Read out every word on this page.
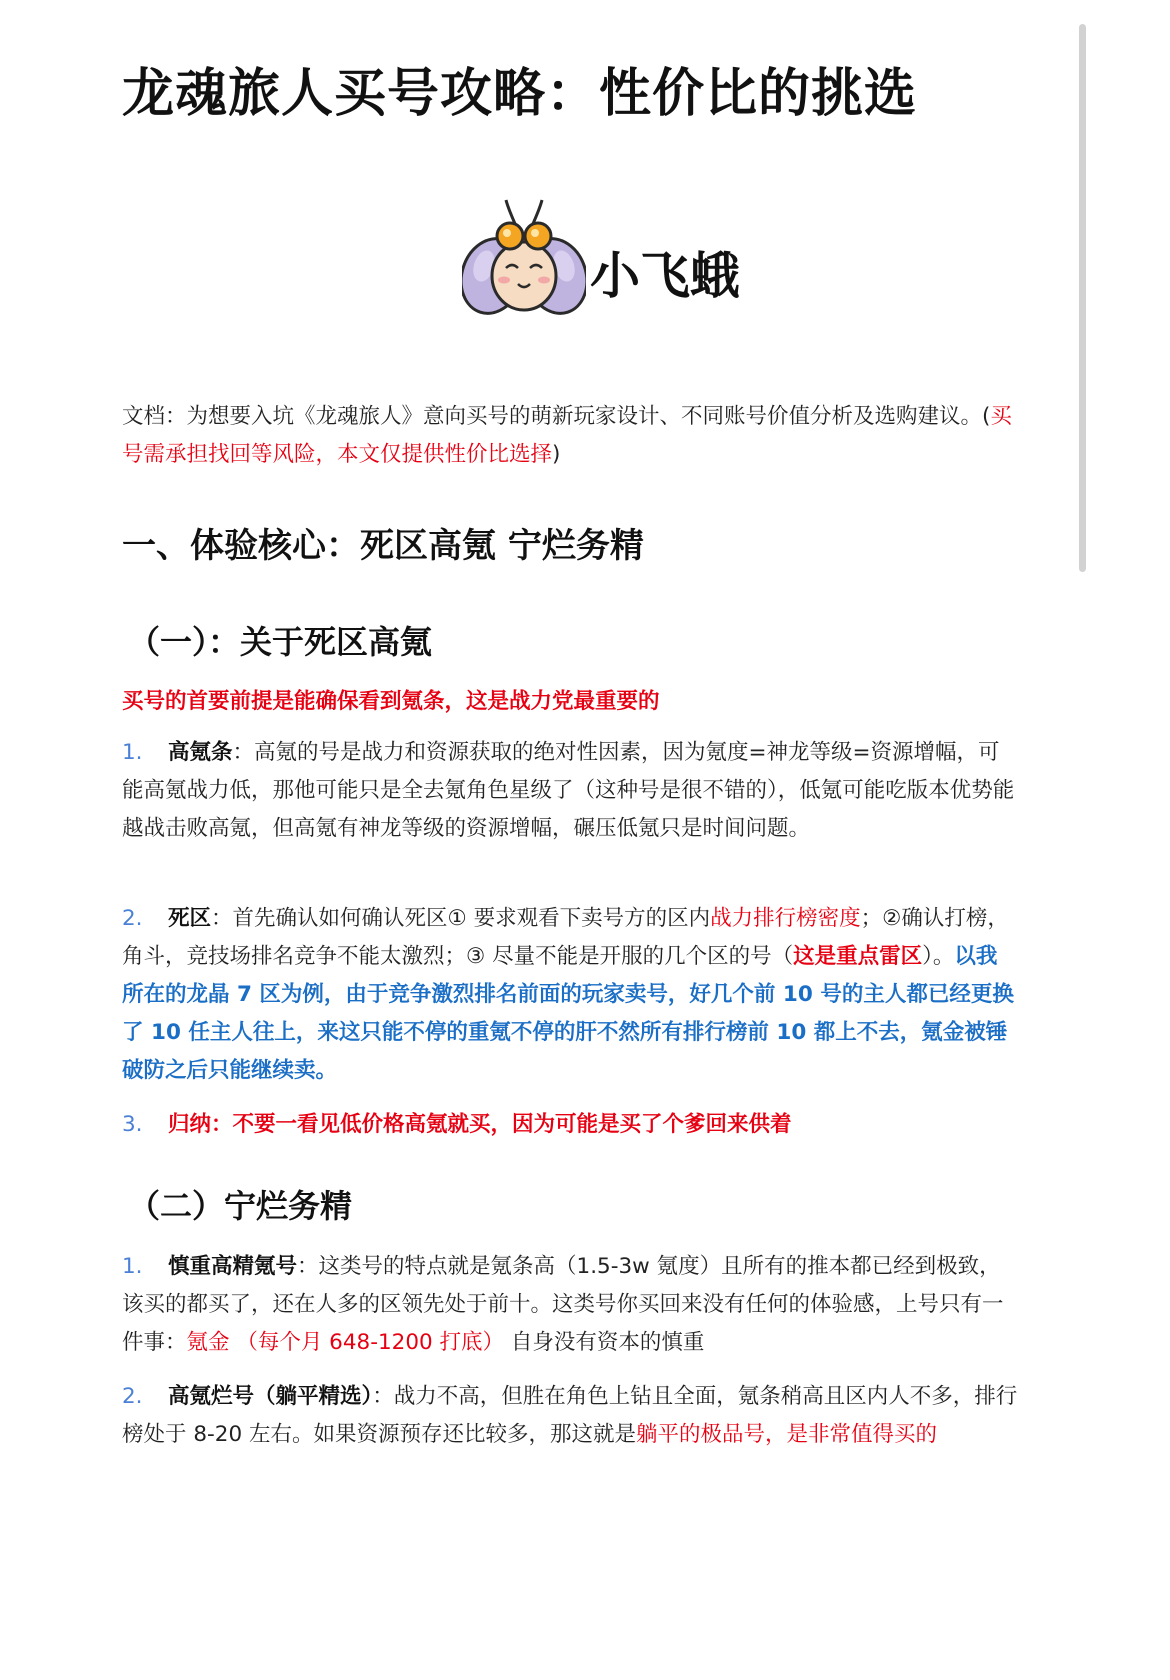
龙魂旅人买号攻略：性价比的挑选
小飞蛾

文档：为想要入坑《龙魂旅人》意向买号的萌新玩家设计、不同账号价值分析及选购建议。(买号需承担找回等风险，本文仅提供性价比选择)

一、体验核心：死区高氪 宁烂务精
（一）：关于死区高氪
买号的首要前提是能确保看到氪条，这是战力党最重要的

1. 高氪条：高氪的号是战力和资源获取的绝对性因素，因为氪度=神龙等级=资源增幅，可能高氪战力低，那他可能只是全去氪角色星级了（这种号是很不错的），低氪可能吃版本优势能越战击败高氪，但高氪有神龙等级的资源增幅，碾压低氪只是时间问题。

2. 死区：首先确认如何确认死区① 要求观看下卖号方的区内战力排行榜密度；②确认打榜，角斗，竞技场排名竞争不能太激烈；③ 尽量不能是开服的几个区的号（这是重点雷区）。以我所在的龙晶 7 区为例，由于竞争激烈排名前面的玩家卖号，好几个前 10 号的主人都已经更换了 10 任主人往上，来这只能不停的重氪不停的肝不然所有排行榜前 10 都上不去，氪金被锤破防之后只能继续卖。

3. 归纳：不要一看见低价格高氪就买，因为可能是买了个爹回来供着

（二）宁烂务精

1. 慎重高精氪号：这类号的特点就是氪条高（1.5-3w 氪度）且所有的推本都已经到极致，该买的都买了，还在人多的区领先处于前十。这类号你买回来没有任何的体验感，上号只有一件事：氪金 （每个月 648-1200 打底） 自身没有资本的慎重

2. 高氪烂号（躺平精选）：战力不高，但胜在角色上钻且全面，氪条稍高且区内人不多，排行榜处于 8-20 左右。如果资源预存还比较多，那这就是躺平的极品号，是非常值得买的
